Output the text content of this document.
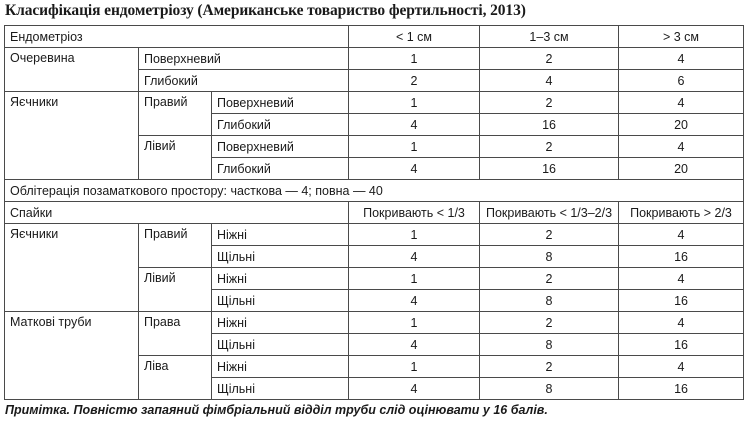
Класифікація ендометріозу (Американське товариство фертильності, 2013)
Ендометріоз			< 1 см	1–3 см	> 3 см
Очеревина	Поверхневий		1	2	4
	Глибокий		2	4	6
Яєчники	Правий	Поверхневий	1	2	4
		Глибокий	4	16	20
	Лівий	Поверхневий	1	2	4
		Глибокий	4	16	20
Облітерація позаматкового простору: часткова — 4; повна — 40					
Спайки			Покривають < 1/3	Покривають < 1/3–2/3	Покривають > 2/3
Яєчники	Правий	Ніжні	1	2	4
		Щільні	4	8	16
	Лівий	Ніжні	1	2	4
		Щільні	4	8	16
Маткові труби	Права	Ніжні	1	2	4
		Щільні	4	8	16
	Ліва	Ніжні	1	2	4
		Щільні	4	8	16
Примітка. Повністю запаяний фімбріальний відділ труби слід оцінювати у 16 балів.
